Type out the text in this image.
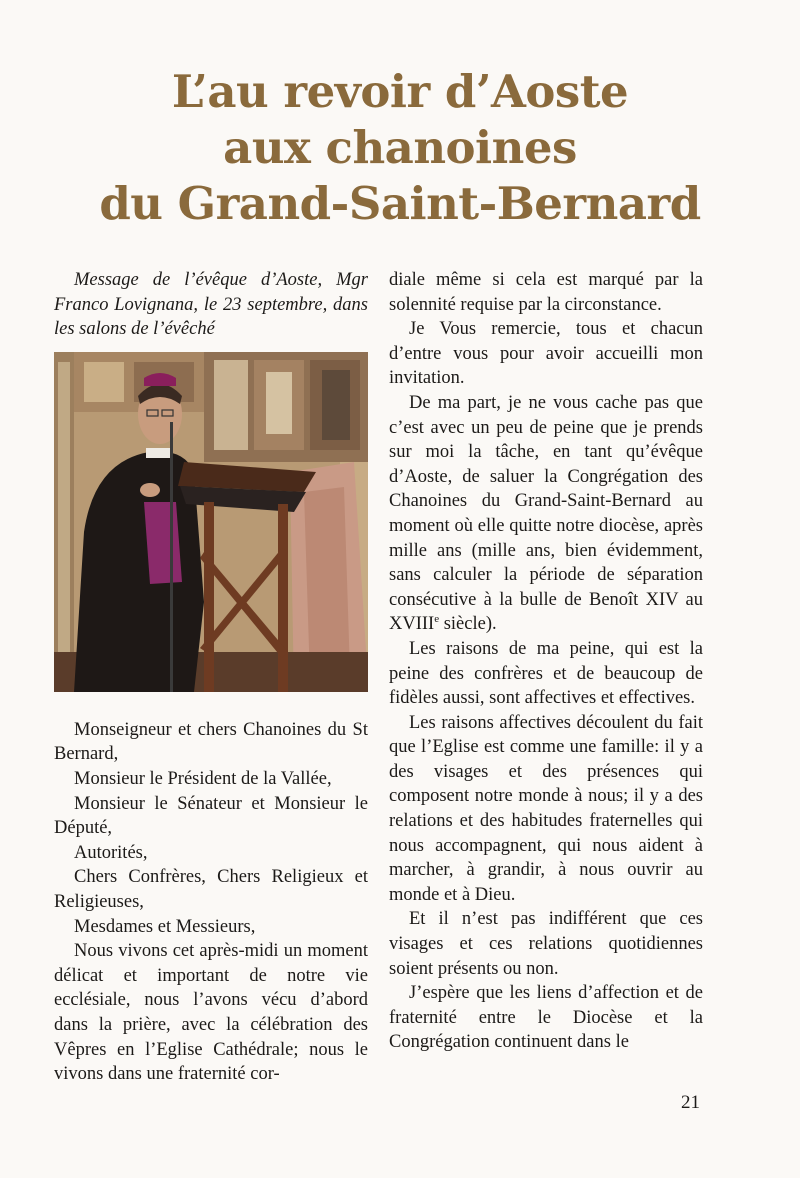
L’au revoir d’Aoste
aux chanoines
du Grand-Saint-Bernard

Message de l’évêque d’Aoste, Mgr Franco Lovignana, le 23 septembre, dans les salons de l’évêché

Monseigneur et chers Chanoines du St Bernard,

Monsieur le Président de la Vallée,

Monsieur le Sénateur et Monsieur le Député,

Autorités,

Chers Confrères, Chers Religieux et Religieuses,

Mesdames et Messieurs,

Nous vivons cet après-midi un moment délicat et important de notre vie ecclésiale, nous l’avons vécu d’abord dans la prière, avec la célébration des Vêpres en l’Eglise Cathédrale; nous le vivons dans une fraternité cor-

diale même si cela est marqué par la solennité requise par la circonstance.

Je Vous remercie, tous et chacun d’entre vous pour avoir accueilli mon invitation.

De ma part, je ne vous cache pas que c’est avec un peu de peine que je prends sur moi la tâche, en tant qu’évêque d’Aoste, de saluer la Congrégation des Chanoines du Grand-Saint-Bernard au moment où elle quitte notre diocèse, après mille ans (mille ans, bien évidemment, sans calculer la période de séparation consécutive à la bulle de Benoît XIV au XVIIIe siècle).

Les raisons de ma peine, qui est la peine des confrères et de beaucoup de fidèles aussi, sont affectives et effectives.

Les raisons affectives découlent du fait que l’Eglise est comme une famille: il y a des visages et des présences qui composent notre monde à nous; il y a des relations et des habitudes fraternelles qui nous accompagnent, qui nous aident à marcher, à grandir, à nous ouvrir au monde et à Dieu.

Et il n’est pas indifférent que ces visages et ces relations quotidiennes soient présents ou non.

J’espère que les liens d’affection et de fraternité entre le Diocèse et la Congrégation continuent dans le

21
